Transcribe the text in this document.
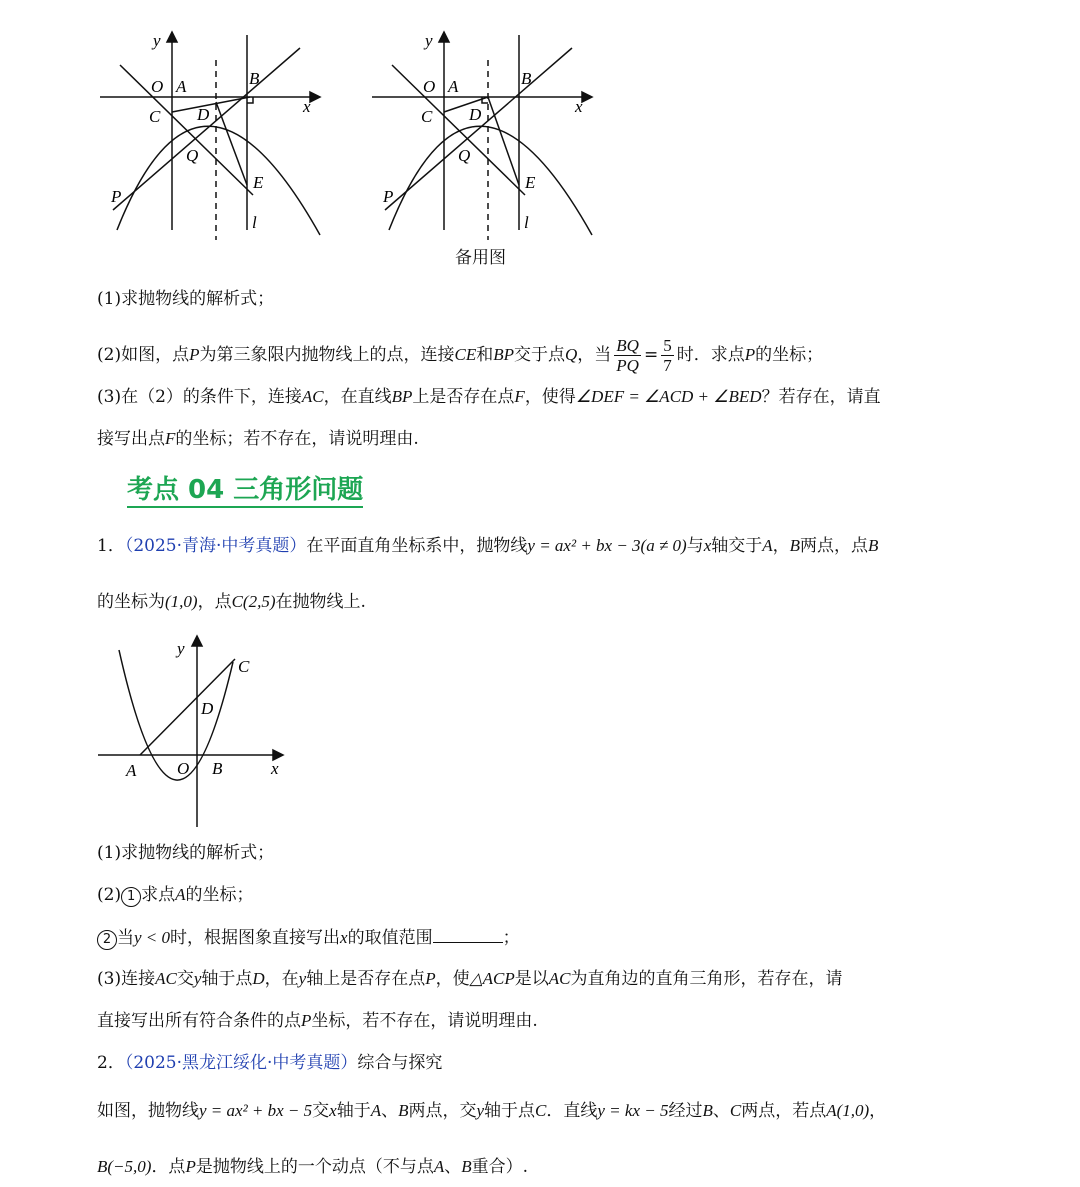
y
x
O A	B
C D
Q
E
P
l
y
x
O A	B
C D
Q
E
P
l
备用图
(1)求抛物线的解析式；
(2)如图，点P为第三象限内抛物线上的点，连接CE和BP交于点Q，当 $\frac{BQ}{PQ} = \frac{5}{7}$ 时．求点P的坐标；
(3)在（2）的条件下，连接AC，在直线BP上是否存在点F，使得∠DEF = ∠ACD + ∠BED？若存在，请直
接写出点F的坐标；若不存在，请说明理由.
考点 04 三角形问题
1．（2025·青海·中考真题）在平面直角坐标系中，抛物线y = ax² + bx − 3(a ≠ 0)与x轴交于A，B两点，点B
的坐标为(1,0)，点C(2,5)在抛物线上.
y
x
O
A	B
C
D
(1)求抛物线的解析式；
(2) 1 求点A的坐标；
2 当y < 0时，根据图象直接写出x的取值范围	；
(3)连接AC交y轴于点D，在y轴上是否存在点P，使△ACP是以AC为直角边的直角三角形，若存在，请
直接写出所有符合条件的点P坐标，若不存在，请说明理由.
2．（2025·黑龙江绥化·中考真题）综合与探究
如图，抛物线y = ax² + bx − 5交x轴于A、B两点，交y轴于点C．直线y = kx − 5经过B、C两点，若点A(1,0)，
B(−5,0)．点P是抛物线上的一个动点（不与点A、B重合）.
